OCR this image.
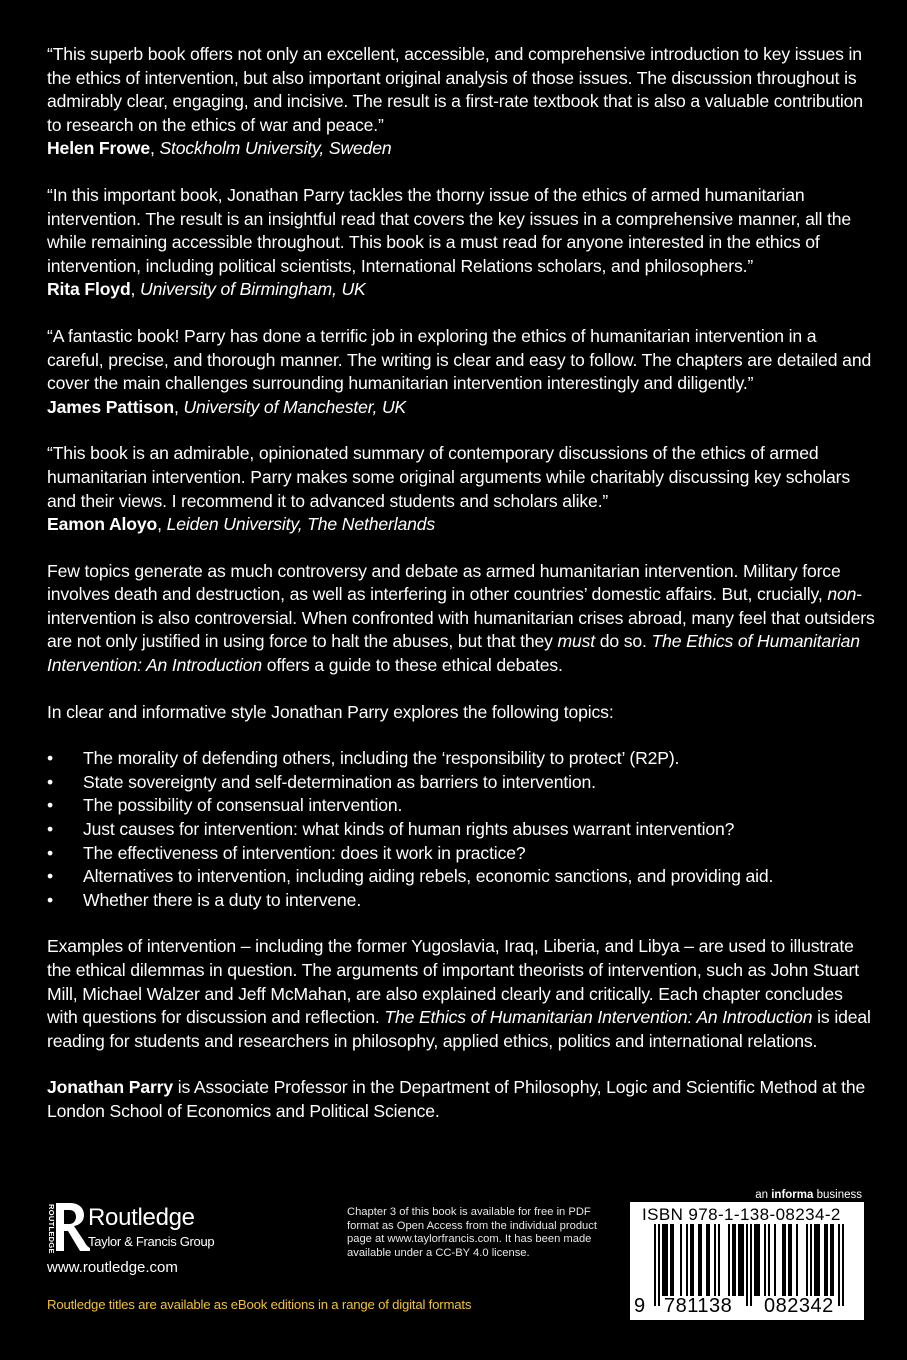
“This superb book offers not only an excellent, accessible, and comprehensive introduction to key issues in the ethics of intervention, but also important original analysis of those issues. The discussion throughout is admirably clear, engaging, and incisive. The result is a first-rate textbook that is also a valuable contribution to research on the ethics of war and peace.”

Helen Frowe, Stockholm University, Sweden

“In this important book, Jonathan Parry tackles the thorny issue of the ethics of armed humanitarian intervention. The result is an insightful read that covers the key issues in a comprehensive manner, all the while remaining accessible throughout. This book is a must read for anyone interested in the ethics of intervention, including political scientists, International Relations scholars, and philosophers.”

Rita Floyd, University of Birmingham, UK

“A fantastic book! Parry has done a terrific job in exploring the ethics of humanitarian intervention in a careful, precise, and thorough manner. The writing is clear and easy to follow. The chapters are detailed and cover the main challenges surrounding humanitarian intervention interestingly and diligently.”

James Pattison, University of Manchester, UK

“This book is an admirable, opinionated summary of contemporary discussions of the ethics of armed humanitarian intervention. Parry makes some original arguments while charitably discussing key scholars and their views. I recommend it to advanced students and scholars alike.”

Eamon Aloyo, Leiden University, The Netherlands

Few topics generate as much controversy and debate as armed humanitarian intervention. Military force involves death and destruction, as well as interfering in other countries’ domestic affairs. But, crucially, non-intervention is also controversial. When confronted with humanitarian crises abroad, many feel that outsiders are not only justified in using force to halt the abuses, but that they must do so. The Ethics of Humanitarian Intervention: An Introduction offers a guide to these ethical debates.

In clear and informative style Jonathan Parry explores the following topics:

• The morality of defending others, including the ‘responsibility to protect’ (R2P).
• State sovereignty and self-determination as barriers to intervention.
• The possibility of consensual intervention.
• Just causes for intervention: what kinds of human rights abuses warrant intervention?
• The effectiveness of intervention: does it work in practice?
• Alternatives to intervention, including aiding rebels, economic sanctions, and providing aid.
• Whether there is a duty to intervene.

Examples of intervention – including the former Yugoslavia, Iraq, Liberia, and Libya – are used to illustrate the ethical dilemmas in question. The arguments of important theorists of intervention, such as John Stuart Mill, Michael Walzer and Jeff McMahan, are also explained clearly and critically. Each chapter concludes with questions for discussion and reflection. The Ethics of Humanitarian Intervention: An Introduction is ideal reading for students and researchers in philosophy, applied ethics, politics and international relations.

Jonathan Parry is Associate Professor in the Department of Philosophy, Logic and Scientific Method at the London School of Economics and Political Science.

ROUTLEDGE Routledge
Taylor & Francis Group
www.routledge.com
Routledge titles are available as eBook editions in a range of digital formats
Chapter 3 of this book is available for free in PDF format as Open Access from the individual product page at www.taylorfrancis.com. It has been made available under a CC-BY 4.0 license.
an informa business
ISBN 978-1-138-08234-2
9 781138 082342
